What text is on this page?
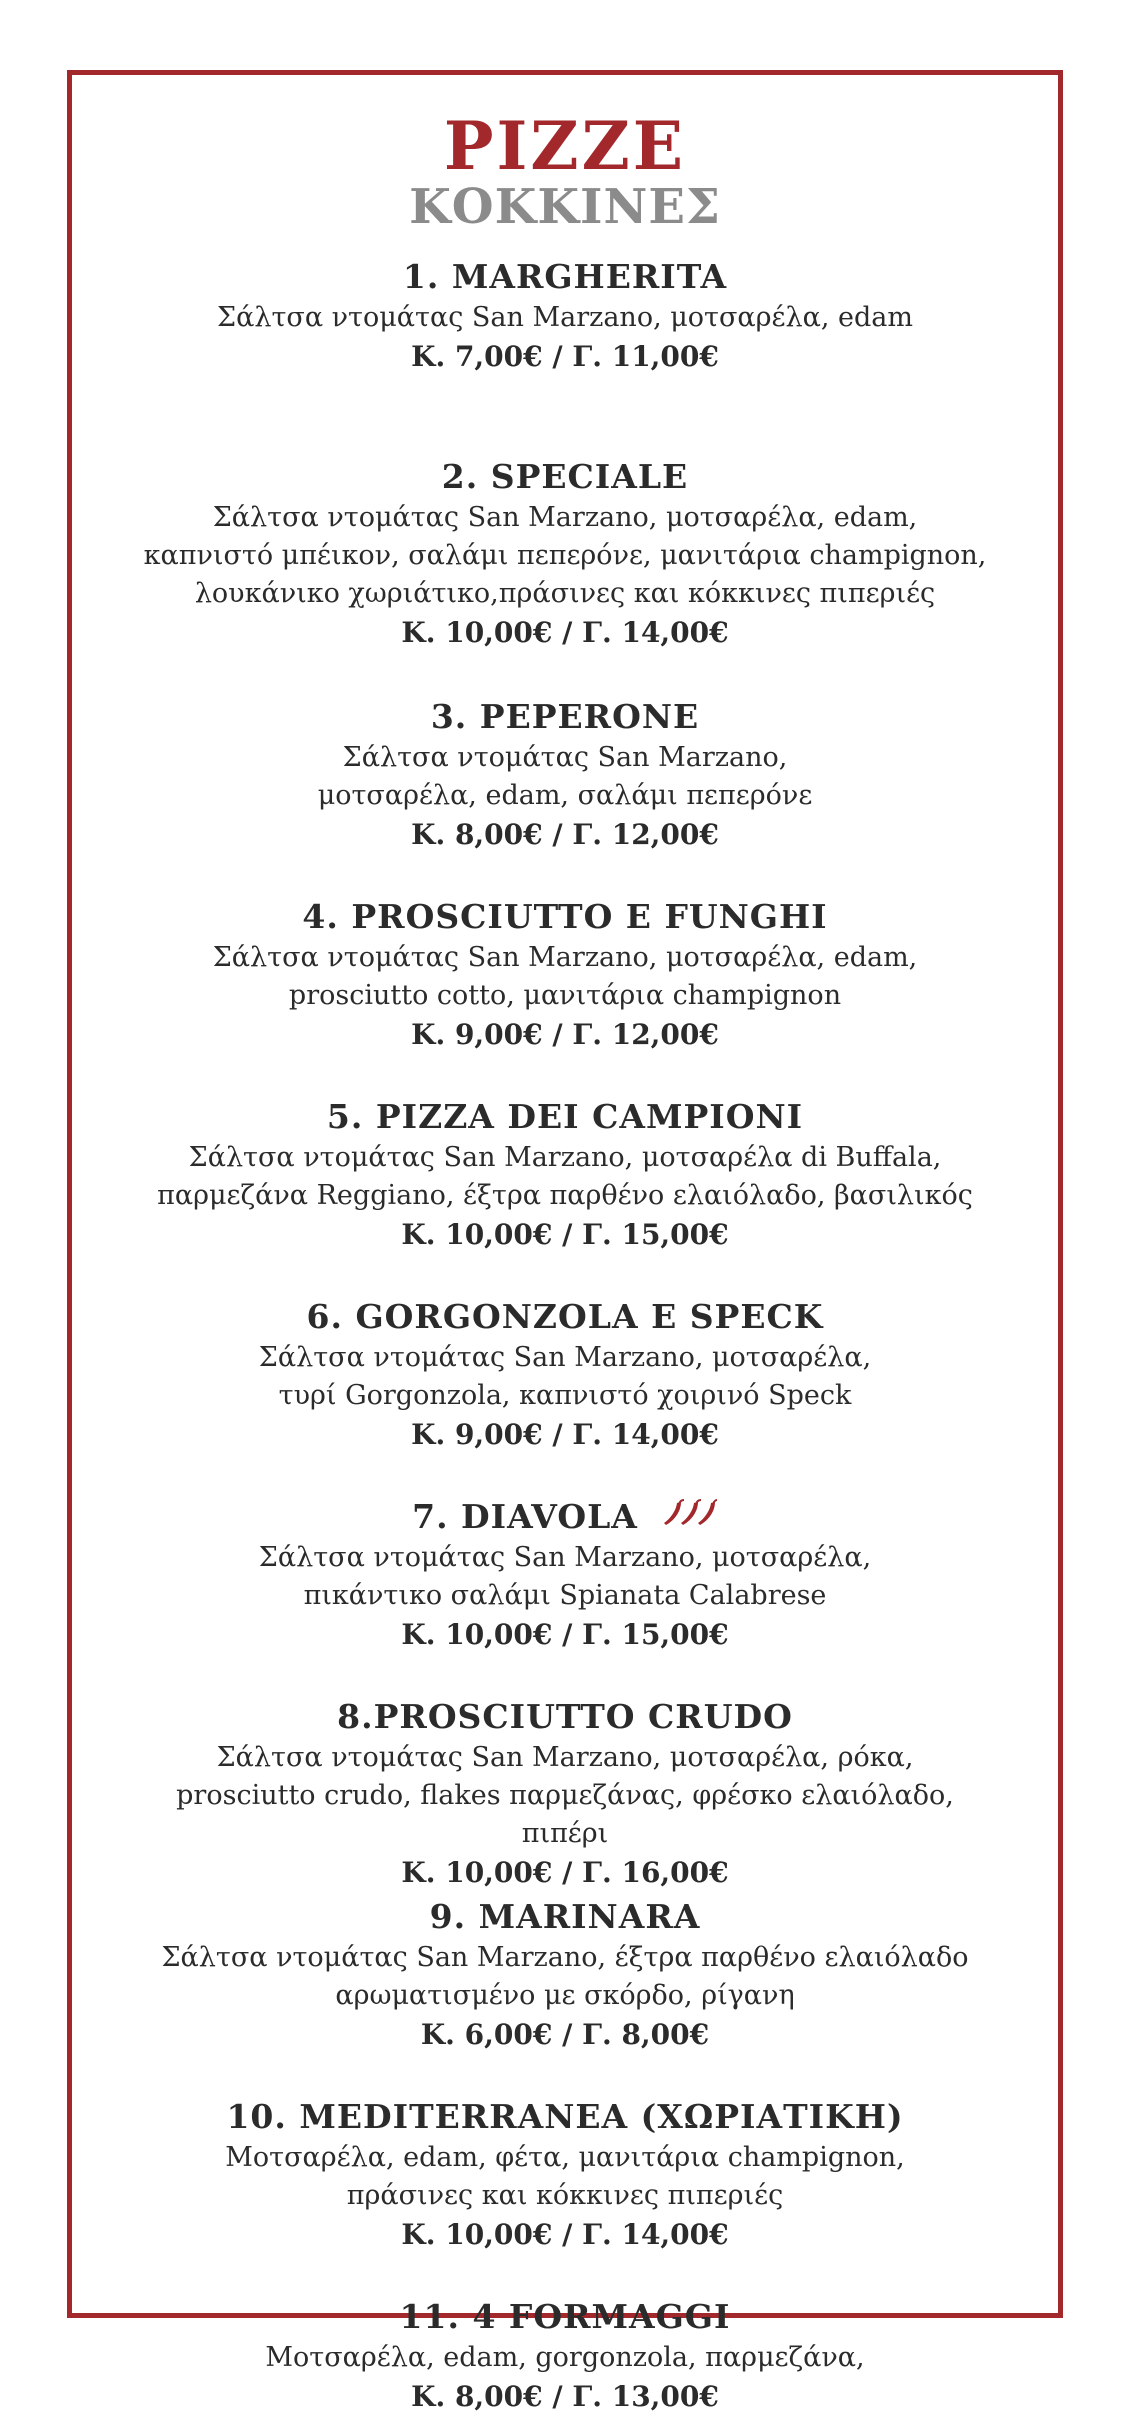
PIZZE
ΚΟΚΚΙΝΕΣ
1. MARGHERITA
Σάλτσα ντομάτας San Marzano, μοτσαρέλα, edam
Κ. 7,00€ / Γ. 11,00€
2. SPECIALE
Σάλτσα ντομάτας San Marzano, μοτσαρέλα, edam,
καπνιστό μπέικον, σαλάμι πεπερόνε, μανιτάρια champignon,
λουκάνικο χωριάτικο,πράσινες και κόκκινες πιπεριές
Κ. 10,00€ / Γ. 14,00€
3. PEPERONE
Σάλτσα ντομάτας San Marzano,
μοτσαρέλα, edam, σαλάμι πεπερόνε
Κ. 8,00€ / Γ. 12,00€
4. PROSCIUTTO E FUNGHI
Σάλτσα ντομάτας San Marzano, μοτσαρέλα, edam,
prosciutto cotto, μανιτάρια champignon
Κ. 9,00€ / Γ. 12,00€
5. PIZZA DEI CAMPIONI
Σάλτσα ντομάτας San Marzano, μοτσαρέλα di Buffala,
παρμεζάνα Reggiano, έξτρα παρθένο ελαιόλαδο, βασιλικός
Κ. 10,00€ / Γ. 15,00€
6. GORGONZOLA E SPECK
Σάλτσα ντομάτας San Marzano, μοτσαρέλα,
τυρί Gorgonzola, καπνιστό χοιρινό Speck
Κ. 9,00€ / Γ. 14,00€
7. DIAVOLA
Σάλτσα ντομάτας San Marzano, μοτσαρέλα,
πικάντικο σαλάμι Spianata Calabrese
Κ. 10,00€ / Γ. 15,00€
8.PROSCIUTTO CRUDO
Σάλτσα ντομάτας San Marzano, μοτσαρέλα, ρόκα,
prosciutto crudo, flakes παρμεζάνας, φρέσκο ελαιόλαδο, πιπέρι
Κ. 10,00€ / Γ. 16,00€
9. MARINARA
Σάλτσα ντομάτας San Marzano, έξτρα παρθένο ελαιόλαδο
αρωματισμένο με σκόρδο, ρίγανη
Κ. 6,00€ / Γ. 8,00€
10. MEDITERRANEA (ΧΩΡΙΑΤΙΚΗ)
Μοτσαρέλα, edam, φέτα, μανιτάρια champignon,
πράσινες και κόκκινες πιπεριές
Κ. 10,00€ / Γ. 14,00€
11. 4 FORMAGGI
Μοτσαρέλα, edam, gorgonzola, παρμεζάνα,
Κ. 8,00€ / Γ. 13,00€
